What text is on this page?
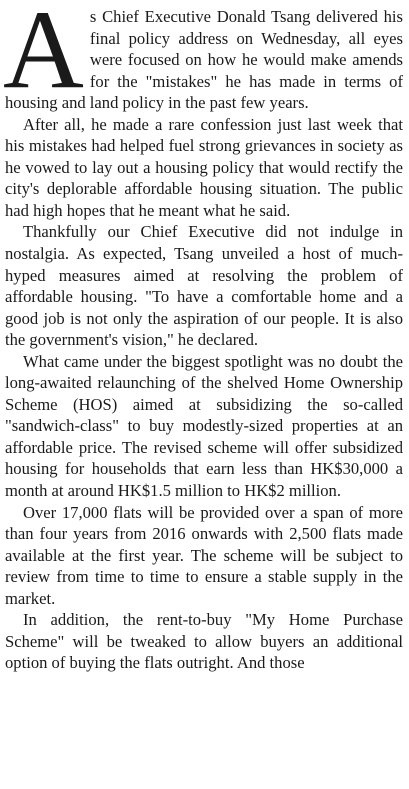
As Chief Executive Donald Tsang delivered his final policy address on Wednesday, all eyes were focused on how he would make amends for the "mistakes" he has made in terms of housing and land policy in the past few years.

After all, he made a rare confession just last week that his mistakes had helped fuel strong grievances in society as he vowed to lay out a housing policy that would rectify the city's deplorable affordable housing situation. The public had high hopes that he meant what he said.

Thankfully our Chief Executive did not indulge in nostalgia. As expected, Tsang unveiled a host of much-hyped measures aimed at resolving the problem of affordable housing. "To have a comfortable home and a good job is not only the aspiration of our people. It is also the government's vision," he declared.

What came under the biggest spotlight was no doubt the long-awaited relaunching of the shelved Home Ownership Scheme (HOS) aimed at subsidizing the so-called "sandwich-class" to buy modestly-sized properties at an affordable price. The revised scheme will offer subsidized housing for households that earn less than HK$30,000 a month at around HK$1.5 million to HK$2 million.

Over 17,000 flats will be provided over a span of more than four years from 2016 onwards with 2,500 flats made available at the first year. The scheme will be subject to review from time to time to ensure a stable supply in the market.

In addition, the rent-to-buy "My Home Purchase Scheme" will be tweaked to allow buyers an additional option of buying the flats outright. And those
